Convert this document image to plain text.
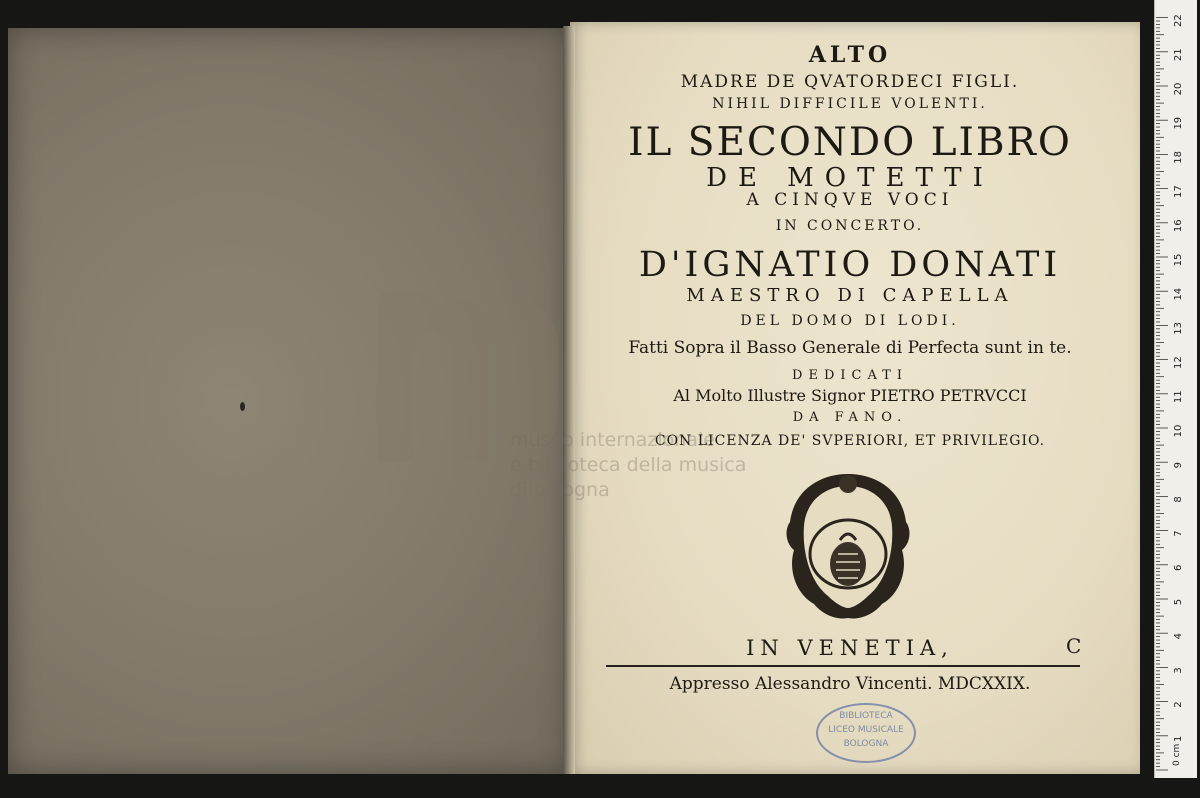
museo internazionale
e biblioteca della musica
di bologna
ALTO
MADRE DE QVATORDECI FIGLI.
NIHIL DIFFICILE VOLENTI.
IL SECONDO LIBRO
DE MOTETTI
A CINQVE VOCI
IN CONCERTO.
D'IGNATIO DONATI
MAESTRO DI CAPELLA
DEL DOMO DI LODI.
Fatti Sopra il Basso Generale di Perfecta sunt in te.
DEDICATI
Al Molto Illustre Signor PIETRO PETRVCCI
DA FANO.
CON LICENZA DE' SVPERIORI, ET PRIVILEGIO.
IN VENETIA,	C
Appresso Alessandro Vincenti. MDCXXIX.
BIBLIOTECA
LICEO MUSICALE
BOLOGNA	0 cm
1
2
3
4
5
6
7
8
9
10
11
12
13
14
15
16
17
18
19
20
21
22
